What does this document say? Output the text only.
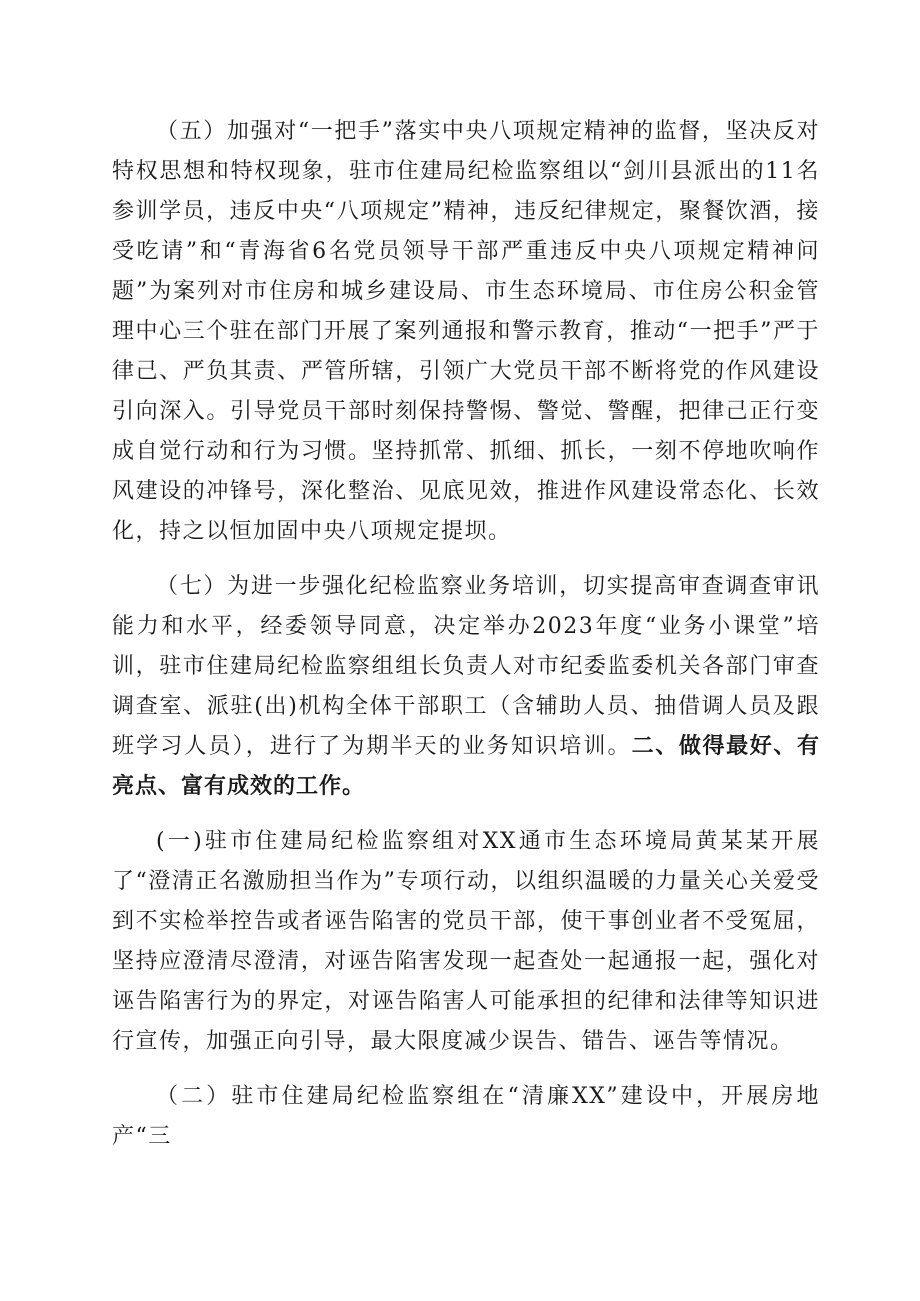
（五）加强对“一把手”落实中央八项规定精神的监督，坚决反对特权思想和特权现象，驻市住建局纪检监察组以“剑川县派出的11名参训学员，违反中央“八项规定”精神，违反纪律规定，聚餐饮酒，接受吃请”和“青海省6名党员领导干部严重违反中央八项规定精神问题”为案列对市住房和城乡建设局、市生态环境局、市住房公积金管理中心三个驻在部门开展了案列通报和警示教育，推动“一把手”严于律己、严负其责、严管所辖，引领广大党员干部不断将党的作风建设引向深入。引导党员干部时刻保持警惕、警觉、警醒，把律己正行变成自觉行动和行为习惯。坚持抓常、抓细、抓长，一刻不停地吹响作风建设的冲锋号，深化整治、见底见效，推进作风建设常态化、长效化，持之以恒加固中央八项规定提坝。

（七）为进一步强化纪检监察业务培训，切实提高审查调查审讯能力和水平，经委领导同意，决定举办2023年度“业务小课堂”培训，驻市住建局纪检监察组组长负责人对市纪委监委机关各部门审查调查室、派驻(出)机构全体干部职工（含辅助人员、抽借调人员及跟班学习人员），进行了为期半天的业务知识培训。二、做得最好、有亮点、富有成效的工作。

(一)驻市住建局纪检监察组对XX通市生态环境局黄某某开展了“澄清正名激励担当作为”专项行动，以组织温暖的力量关心关爱受到不实检举控告或者诬告陷害的党员干部，使干事创业者不受冤屈，坚持应澄清尽澄清，对诬告陷害发现一起查处一起通报一起，强化对诬告陷害行为的界定，对诬告陷害人可能承担的纪律和法律等知识进行宣传，加强正向引导，最大限度减少误告、错告、诬告等情况。

（二）驻市住建局纪检监察组在“清廉XX”建设中，开展房地产“三
